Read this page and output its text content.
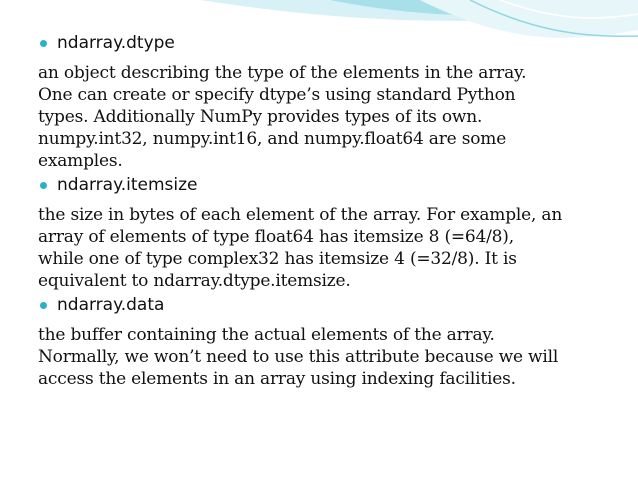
ndarray.dtype
an object describing the type of the elements in the array.
One can create or specify dtype’s using standard Python
types. Additionally NumPy provides types of its own.
numpy.int32, numpy.int16, and numpy.float64 are some
examples.
ndarray.itemsize
the size in bytes of each element of the array. For example, an
array of elements of type float64 has itemsize 8 (=64/8),
while one of type complex32 has itemsize 4 (=32/8). It is
equivalent to ndarray.dtype.itemsize.
ndarray.data
the buffer containing the actual elements of the array.
Normally, we won’t need to use this attribute because we will
access the elements in an array using indexing facilities.
